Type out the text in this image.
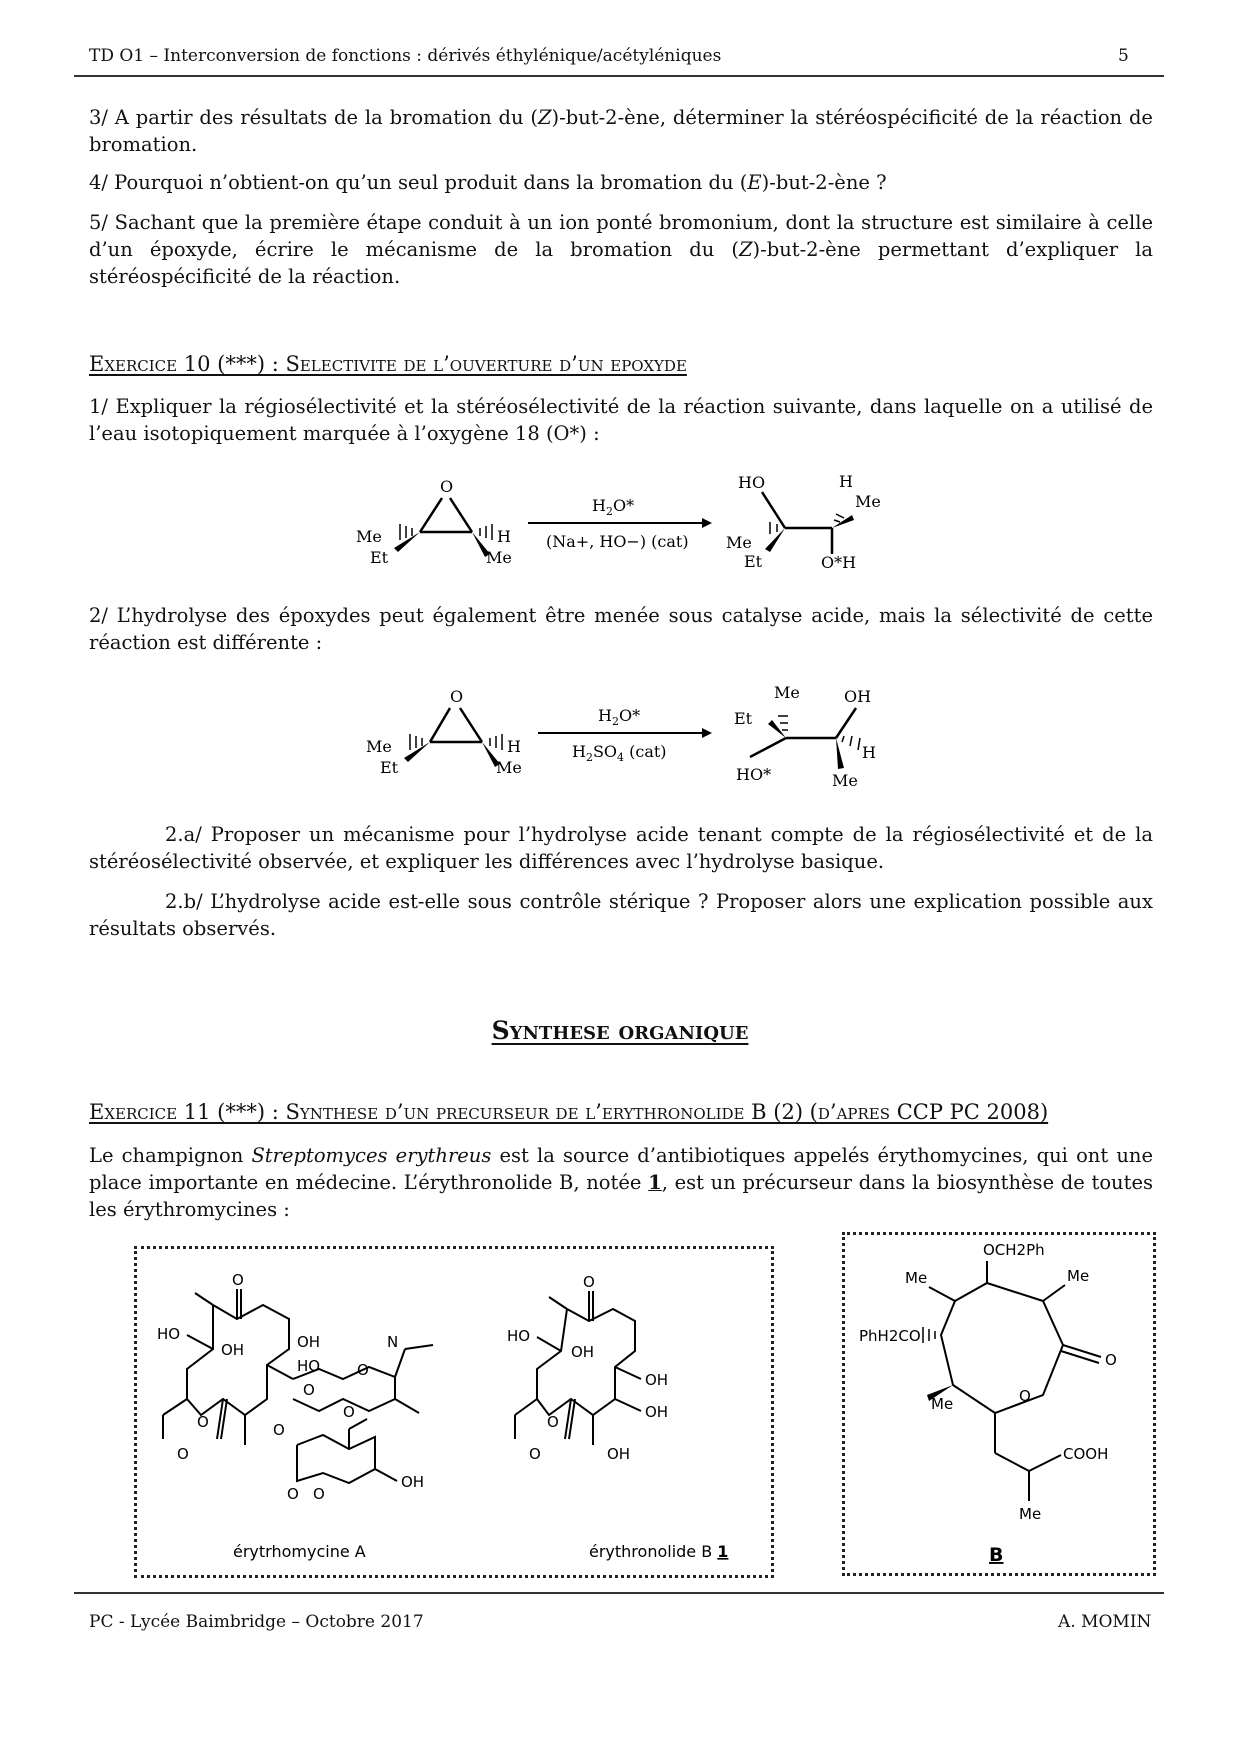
TD O1 – Interconversion de fonctions : dérivés éthylénique/acétyléniques	5
3/ A partir des résultats de la bromation du (Z)-but-2-ène, déterminer la stéréospécificité de la réaction de bromation.
4/ Pourquoi n’obtient-on qu’un seul produit dans la bromation du (E)-but-2-ène ?
5/ Sachant que la première étape conduit à un ion ponté bromonium, dont la structure est similaire à celle d’un époxyde, écrire le mécanisme de la bromation du (Z)-but-2-ène permettant d’expliquer la stéréospécificité de la réaction.
Exercice 10 (***) : Selectivite de l’ouverture d’un epoxyde
1/ Expliquer la régiosélectivité et la stéréosélectivité de la réaction suivante, dans laquelle on a utilisé de l’eau isotopiquement marquée à l’oxygène 18 (O*) :
O
Me
Et
H
Me
$H_2O*$
(Na+, HO−) (cat)
HO	H
Me
Me
Et	O*H
2/ L’hydrolyse des époxydes peut également être menée sous catalyse acide, mais la sélectivité de cette réaction est différente :
O
Me
Et
H
Me
$H_2O*$
$H_2SO_4$ (cat)
Me
Et
HO*
OH
H
Me
2.a/ Proposer un mécanisme pour l’hydrolyse acide tenant compte de la régiosélectivité et de la stéréosélectivité observée, et expliquer les différences avec l’hydrolyse basique.
2.b/ L’hydrolyse acide est-elle sous contrôle stérique ? Proposer alors une explication possible aux résultats observés.
Synthese organique
Exercice 11 (***) : Synthese d’un precurseur de l’erythronolide B (2) (d’apres CCP PC 2008)
Le champignon Streptomyces erythreus est la source d’antibiotiques appelés érythomycines, qui ont une place importante en médecine. L’érythronolide B, notée 1, est un précurseur dans la biosynthèse de toutes les érythromycines :
O
HO
OH	OH
HO
O
N
O
O
O
O
O
O
OH
O
O
HO
OH
OH
OH
OH
O
O
érytrhomycine A	érythronolide B 1
OCH2Ph
Me	Me
PhH2CO
Me	O
O
COOH
Me
B
PC - Lycée Baimbridge – Octobre 2017	A. MOMIN
